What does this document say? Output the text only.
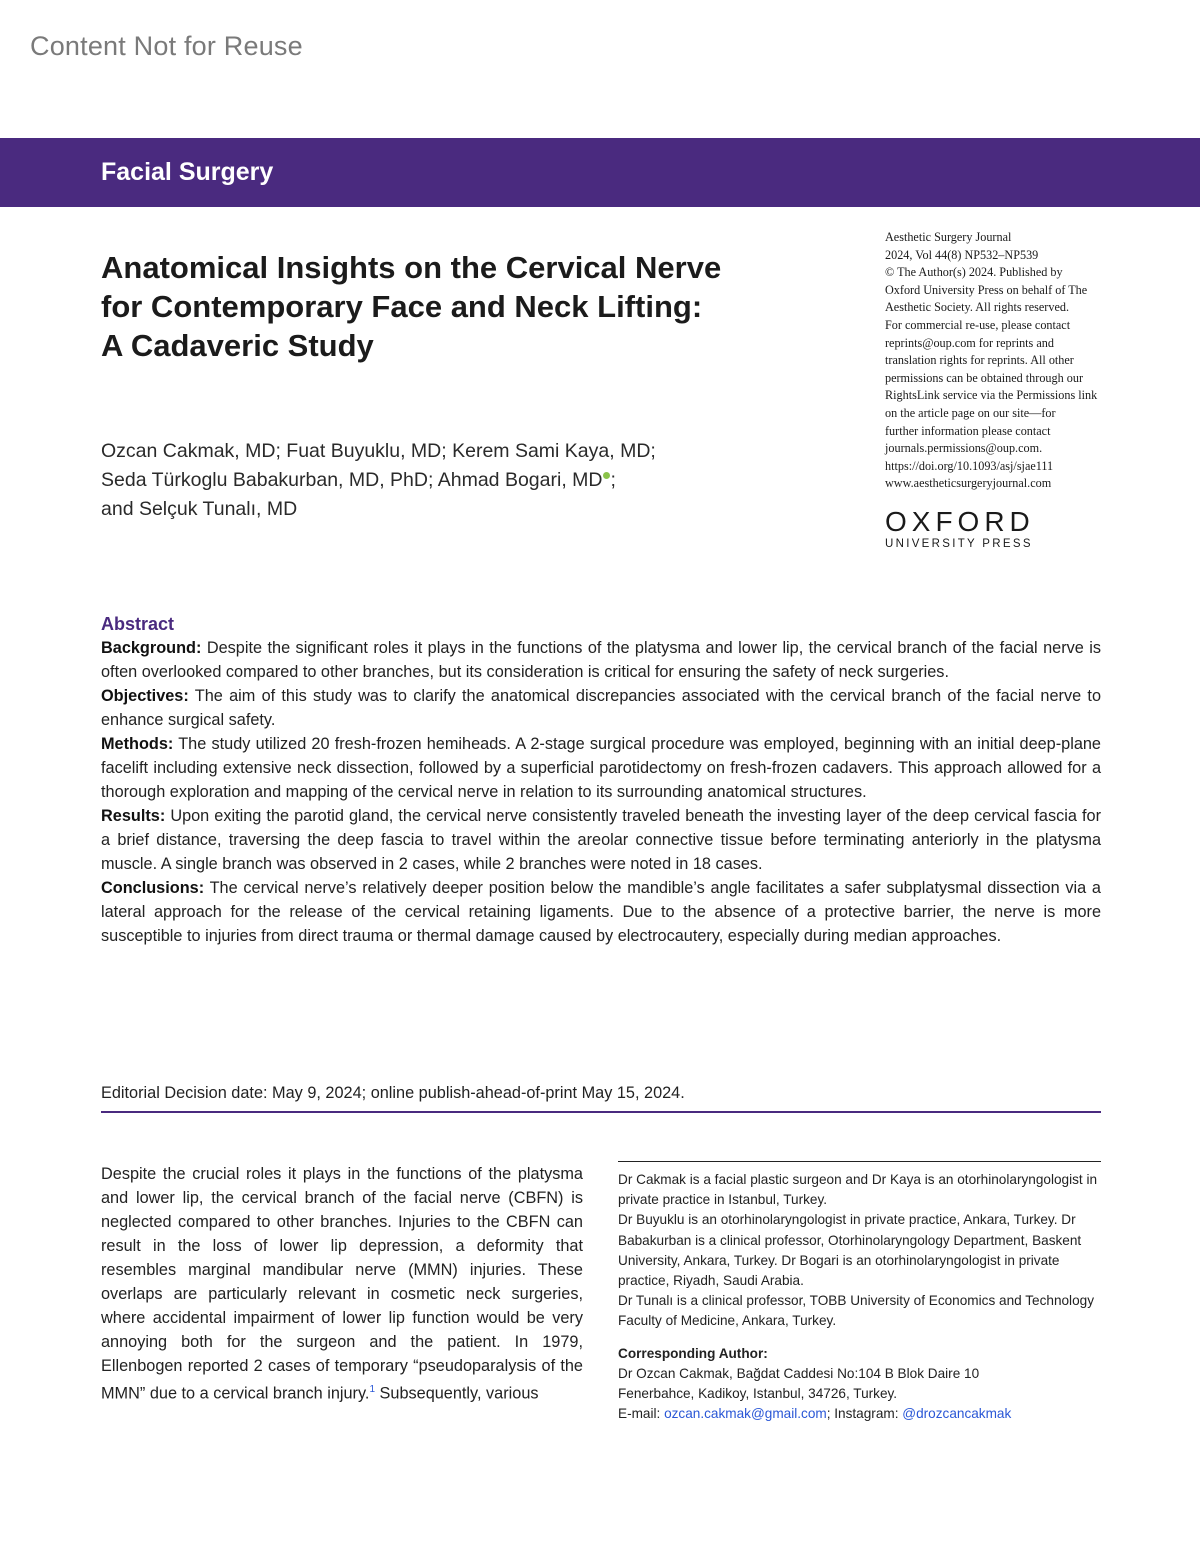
Content Not for Reuse
Facial Surgery
Anatomical Insights on the Cervical Nerve
for Contemporary Face and Neck Lifting:
A Cadaveric Study
Ozcan Cakmak, MD; Fuat Buyuklu, MD; Kerem Sami Kaya, MD;
Seda Türkoglu Babakurban, MD, PhD; Ahmad Bogari, MD ;
and Selçuk Tunalı, MD
Aesthetic Surgery Journal
2024, Vol 44(8) NP532–NP539
© The Author(s) 2024. Published by
Oxford University Press on behalf of The
Aesthetic Society. All rights reserved.
For commercial re-use, please contact
reprints@oup.com for reprints and
translation rights for reprints. All other
permissions can be obtained through our
RightsLink service via the Permissions link
on the article page on our site—for
further information please contact
journals.permissions@oup.com.
https://doi.org/10.1093/asj/sjae111
www.aestheticsurgeryjournal.com
OXFORD
UNIVERSITY PRESS
Abstract

Background: Despite the significant roles it plays in the functions of the platysma and lower lip, the cervical branch of the facial nerve is often overlooked compared to other branches, but its consideration is critical for ensuring the safety of neck surgeries.

Objectives: The aim of this study was to clarify the anatomical discrepancies associated with the cervical branch of the facial nerve to enhance surgical safety.

Methods: The study utilized 20 fresh-frozen hemiheads. A 2-stage surgical procedure was employed, beginning with an initial deep-plane facelift including extensive neck dissection, followed by a superficial parotidectomy on fresh-frozen cadavers. This approach allowed for a thorough exploration and mapping of the cervical nerve in relation to its surrounding anatomical structures.

Results: Upon exiting the parotid gland, the cervical nerve consistently traveled beneath the investing layer of the deep cervical fascia for a brief distance, traversing the deep fascia to travel within the areolar connective tissue before terminating anteriorly in the platysma muscle. A single branch was observed in 2 cases, while 2 branches were noted in 18 cases.

Conclusions: The cervical nerve’s relatively deeper position below the mandible’s angle facilitates a safer subplatysmal dissection via a lateral approach for the release of the cervical retaining ligaments. Due to the absence of a protective barrier, the nerve is more susceptible to injuries from direct trauma or thermal damage caused by electrocautery, especially during median approaches.

Editorial Decision date: May 9, 2024; online publish-ahead-of-print May 15, 2024.
Despite the crucial roles it plays in the functions of the platysma and lower lip, the cervical branch of the facial nerve (CBFN) is neglected compared to other branches. Injuries to the CBFN can result in the loss of lower lip depression, a deformity that resembles marginal mandibular nerve (MMN) injuries. These overlaps are particularly relevant in cosmetic neck surgeries, where accidental impairment of lower lip function would be very annoying both for the surgeon and the patient. In 1979, Ellenbogen reported 2 cases of temporary “pseudoparalysis of the MMN” due to a cervical branch injury.$^1$ Subsequently, various

Dr Cakmak is a facial plastic surgeon and Dr Kaya is an otorhinolaryngologist in private practice in Istanbul, Turkey.

Dr Buyuklu is an otorhinolaryngologist in private practice, Ankara, Turkey. Dr Babakurban is a clinical professor, Otorhinolaryngology Department, Baskent University, Ankara, Turkey. Dr Bogari is an otorhinolaryngologist in private practice, Riyadh, Saudi Arabia.

Dr Tunalı is a clinical professor, TOBB University of Economics and Technology Faculty of Medicine, Ankara, Turkey.

Corresponding Author:

Dr Ozcan Cakmak, Bağdat Caddesi No:104 B Blok Daire 10

Fenerbahce, Kadikoy, Istanbul, 34726, Turkey.

E-mail: ozcan.cakmak@gmail.com; Instagram: @drozcancakmak
